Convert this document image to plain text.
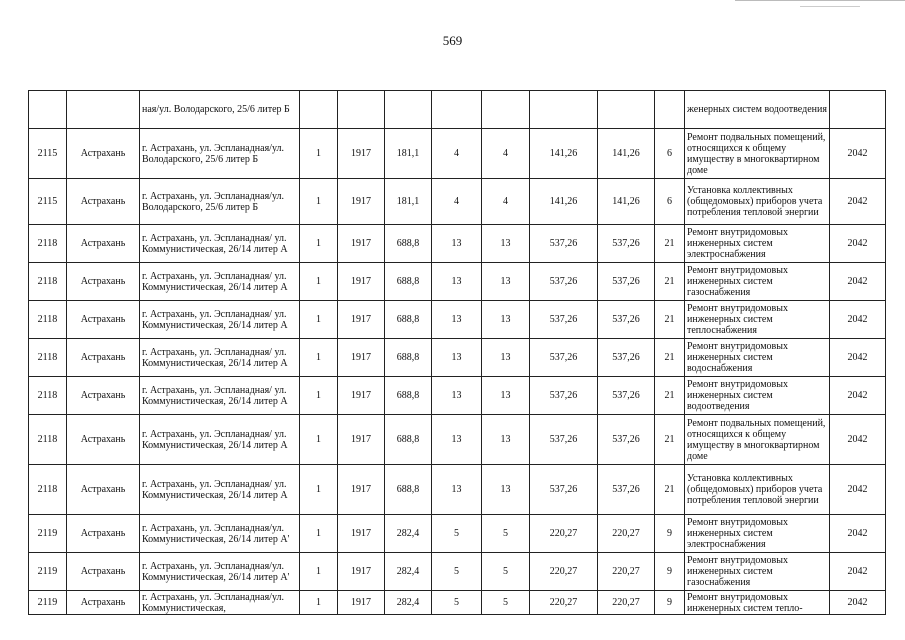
569
		ная/ул. Володарского, 25/6 литер Б									женерных систем водоотведения	
2115	Астрахань	г. Астрахань, ул. Эспланадная/ул. Володарского, 25/6 литер Б	1	1917	181,1	4	4	141,26	141,26	6	Ремонт подвальных помещений, относящихся к общему имуществу в многоквартирном доме	2042
2115	Астрахань	г. Астрахань, ул. Эспланадная/ул. Володарского, 25/6 литер Б	1	1917	181,1	4	4	141,26	141,26	6	Установка коллективных (общедомовых) приборов учета потребления тепловой энергии	2042
2118	Астрахань	г. Астрахань, ул. Эспланадная/ ул. Коммунистическая, 26/14 литер А	1	1917	688,8	13	13	537,26	537,26	21	Ремонт внутридомовых инженерных систем электроснабжения	2042
2118	Астрахань	г. Астрахань, ул. Эспланадная/ ул. Коммунистическая, 26/14 литер А	1	1917	688,8	13	13	537,26	537,26	21	Ремонт внутридомовых инженерных систем газоснабжения	2042
2118	Астрахань	г. Астрахань, ул. Эспланадная/ ул. Коммунистическая, 26/14 литер А	1	1917	688,8	13	13	537,26	537,26	21	Ремонт внутридомовых инженерных систем теплоснабжения	2042
2118	Астрахань	г. Астрахань, ул. Эспланадная/ ул. Коммунистическая, 26/14 литер А	1	1917	688,8	13	13	537,26	537,26	21	Ремонт внутридомовых инженерных систем водоснабжения	2042
2118	Астрахань	г. Астрахань, ул. Эспланадная/ ул. Коммунистическая, 26/14 литер А	1	1917	688,8	13	13	537,26	537,26	21	Ремонт внутридомовых инженерных систем водоотведения	2042
2118	Астрахань	г. Астрахань, ул. Эспланадная/ ул. Коммунистическая, 26/14 литер А	1	1917	688,8	13	13	537,26	537,26	21	Ремонт подвальных помещений, относящихся к общему имуществу в многоквартирном доме	2042
2118	Астрахань	г. Астрахань, ул. Эспланадная/ ул. Коммунистическая, 26/14 литер А	1	1917	688,8	13	13	537,26	537,26	21	Установка коллективных (общедомовых) приборов учета потребления тепловой энергии	2042
2119	Астрахань	г. Астрахань, ул. Эспланадная/ул. Коммунистическая, 26/14 литер А'	1	1917	282,4	5	5	220,27	220,27	9	Ремонт внутридомовых инженерных систем электроснабжения	2042
2119	Астрахань	г. Астрахань, ул. Эспланадная/ул. Коммунистическая, 26/14 литер А'	1	1917	282,4	5	5	220,27	220,27	9	Ремонт внутридомовых инженерных систем газоснабжения	2042
2119	Астрахань	г. Астрахань, ул. Эспланадная/ул. Коммунистическая,	1	1917	282,4	5	5	220,27	220,27	9	Ремонт внутридомовых инженерных систем тепло-	2042
